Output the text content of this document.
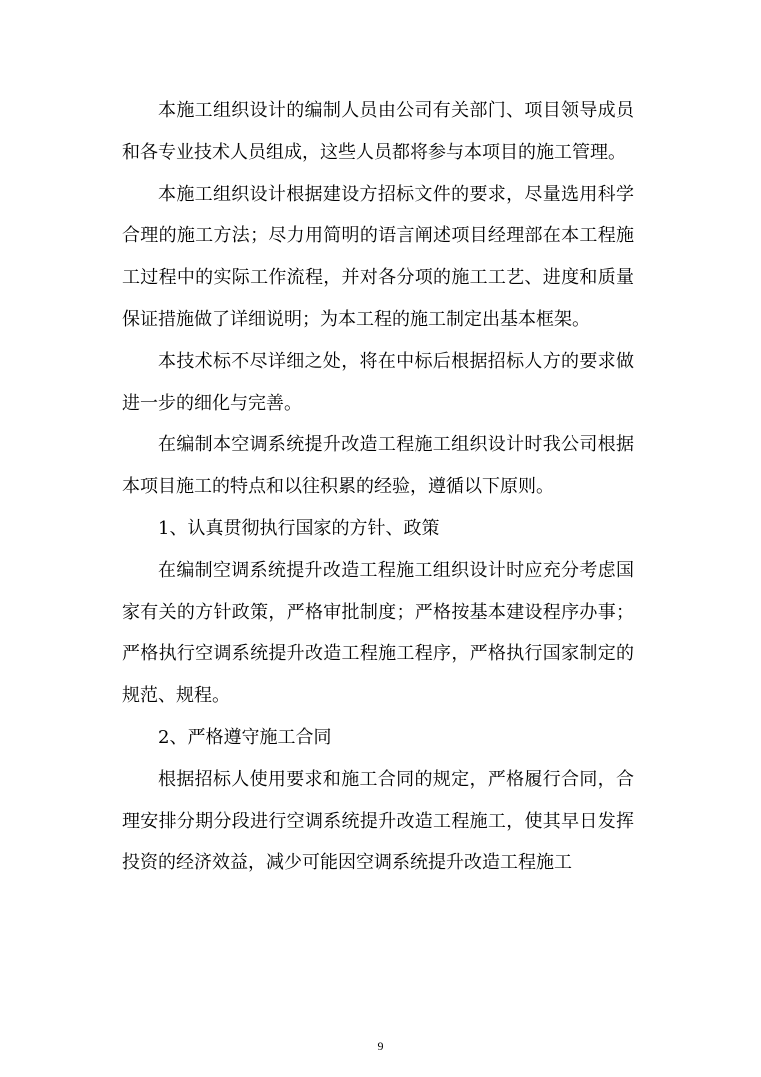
本施工组织设计的编制人员由公司有关部门、项目领导成员和各专业技术人员组成，这些人员都将参与本项目的施工管理。

本施工组织设计根据建设方招标文件的要求，尽量选用科学合理的施工方法；尽力用简明的语言阐述项目经理部在本工程施工过程中的实际工作流程，并对各分项的施工工艺、进度和质量保证措施做了详细说明；为本工程的施工制定出基本框架。

本技术标不尽详细之处，将在中标后根据招标人方的要求做进一步的细化与完善。

在编制本空调系统提升改造工程施工组织设计时我公司根据本项目施工的特点和以往积累的经验，遵循以下原则。

1、认真贯彻执行国家的方针、政策

在编制空调系统提升改造工程施工组织设计时应充分考虑国家有关的方针政策，严格审批制度；严格按基本建设程序办事；严格执行空调系统提升改造工程施工程序，严格执行国家制定的规范、规程。

2、严格遵守施工合同

根据招标人使用要求和施工合同的规定，严格履行合同，合理安排分期分段进行空调系统提升改造工程施工，使其早日发挥投资的经济效益，减少可能因空调系统提升改造工程施工

9
